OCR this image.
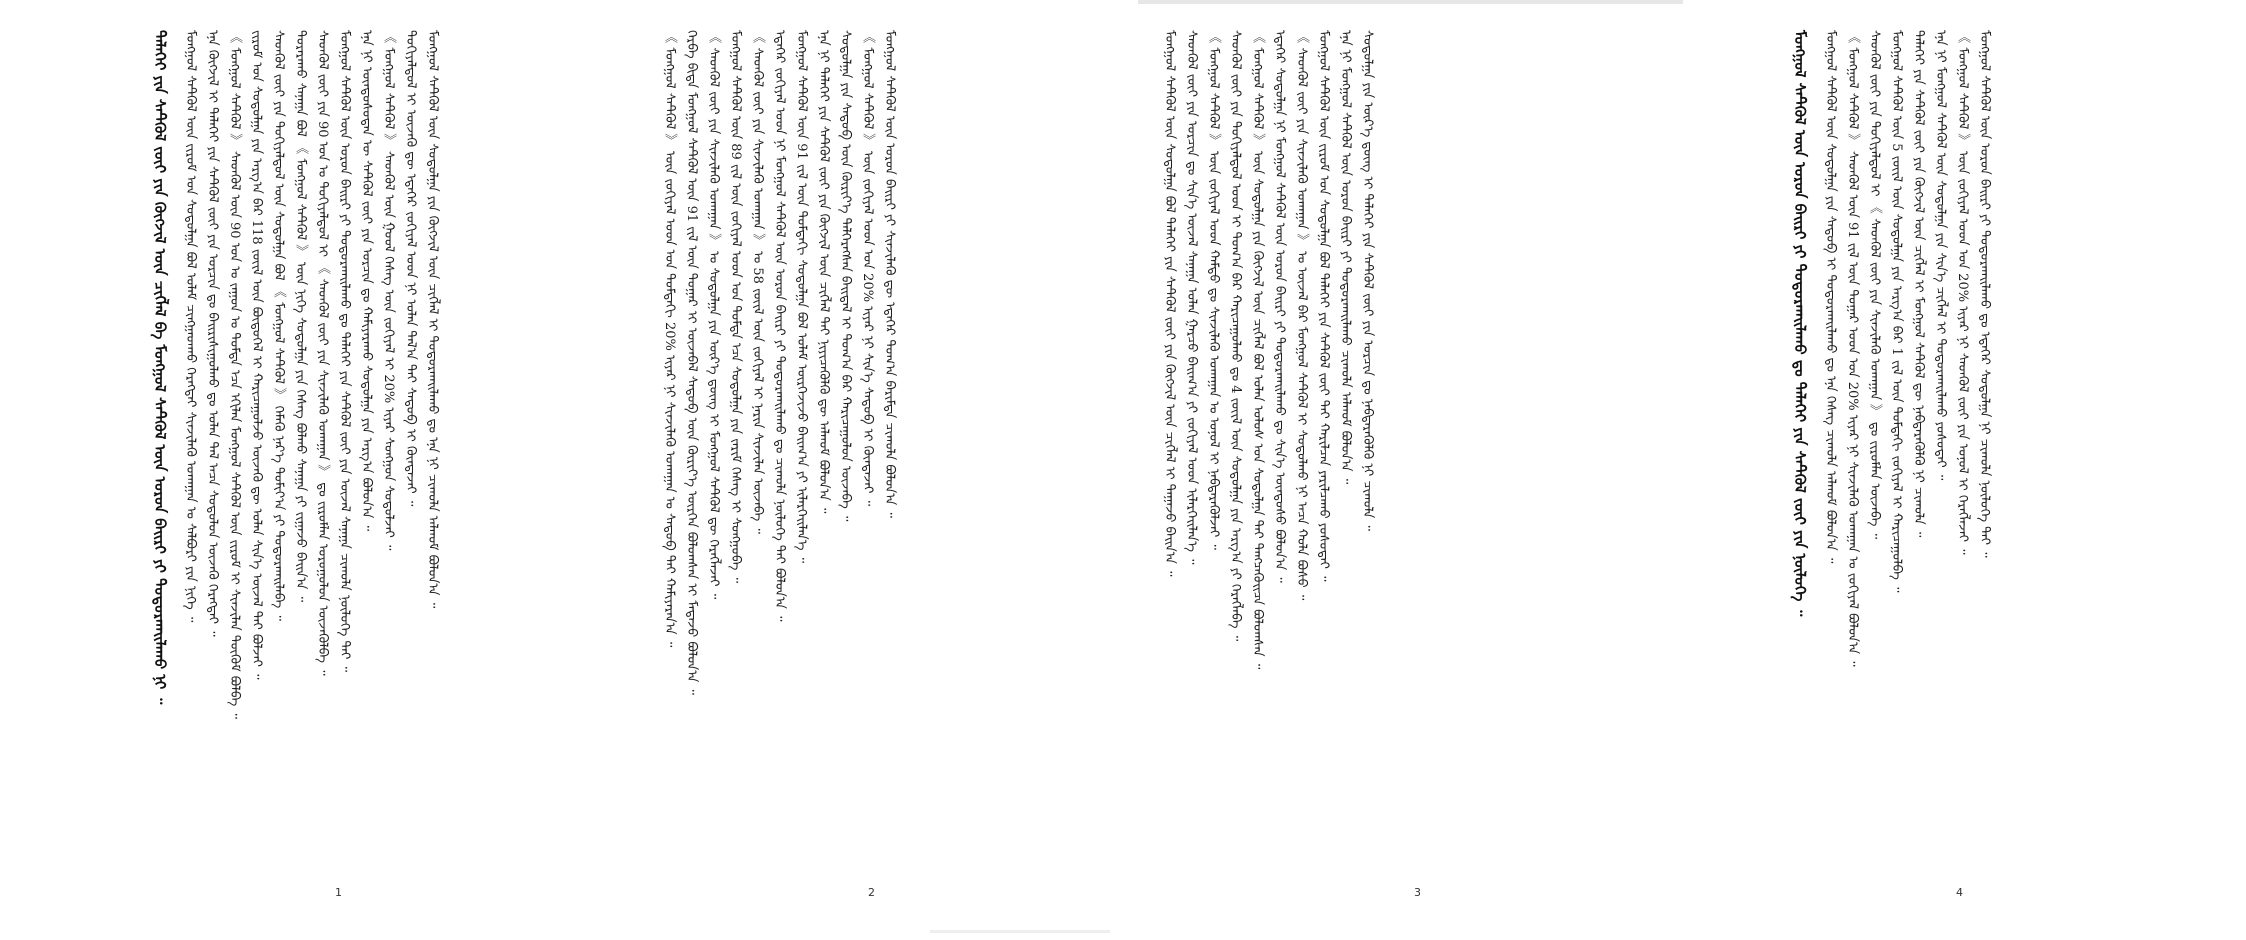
ᠳᠡᠯᠡᠬᠡᠢ ᠶᠢᠨ ᠰᠡᠲᠭᠦᠯ ᠵᠦᠢ ᠶᠢᠨ ᠬᠥᠭᠵᠢᠯ ᠦᠨ ᠴᠢᠭᠯᠡᠯ ᠪᠠ ᠮᠣᠩᠭᠣᠯ ᠰᠡᠲᠭᠦᠯ ᠦᠨ ᠣᠷᠣᠨ ᠪᠠᠢᠷᠢ ᠶᠢ ᠲᠣᠳᠣᠷᠬᠠᠢᠯᠠᠬᠤ ᠨᠢ ᠃ ᠮᠣᠩᠭᠣᠯ ᠰᠡᠲᠭᠦᠯ ᠦᠨ ᠵᠢᠷᠤᠮ ᠤᠨ ᠰᠤᠳᠤᠯᠭᠠ ᠪᠣᠯ ᠤᠯᠠᠮ ᠴᠢᠩᠭᠠᠳᠬᠤ ᠬᠡᠷᠡᠭᠲᠡᠢ ᠰᠢᠨᠵᠢᠯᠡᠬᠦ ᠤᠬᠠᠭᠠᠨ ᠤ ᠰᠠᠯᠪᠤᠷᠢ ᠶᠢᠨ ᠨᠢᠭᠡ ᠃ ᠡᠨᠡ ᠬᠥᠭᠵᠢᠯ ᠢ ᠳᠡᠯᠡᠬᠡᠢ ᠶᠢᠨ ᠰᠡᠲᠭᠦᠯ ᠵᠦᠢ ᠶᠢᠨ ᠣᠷᠴᠢᠨ ᠳᠤ ᠪᠠᠢᠷᠢᠰᠢᠭᠤᠯᠬᠤ ᠳᠤ ᠣᠯᠠᠨ ᠲᠠᠯ ᠠᠴᠠ ᠰᠤᠳᠤᠯᠤᠨ ᠦᠵᠡᠬᠦ ᠬᠡᠷᠡᠭᠲᠡᠢ ᠃ 《 ᠮᠣᠩᠭᠣᠯ ᠰᠡᠲᠭᠦᠯ 》 ᠰᠡᠳᠭᠦᠯ ᠦᠨ 90 ᠣᠨ ᠤ ᠵᠠᠭᠤᠨ ᠤ ᠳᠤᠮᠳᠠ ᠡᠴᠡ ᠡᠬᠢᠯᠡᠨ ᠮᠣᠩᠭᠣᠯ ᠰᠡᠲᠭᠦᠯ ᠦᠨ ᠵᠢᠷᠤᠮ ᠢ ᠰᠢᠨᠵᠢᠯᠡᠨ ᠳᠦᠭᠦᠮ ᠪᠣᠯᠪᠠ ᠃ ᠵᠢᠷᠤᠮ ᠤᠨ ᠰᠤᠳᠤᠯᠭᠠ ᠶᠢᠨ ᠠᠷᠭ᠎ᠠ ᠪᠠᠷ 118 ᠵᠦᠢᠯ ᠦᠨ ᠪᠦᠲᠦᠭᠡᠯ ᠢ ᠬᠠᠷᠢᠴᠠᠭᠤᠯᠵᠤ ᠦᠵᠡᠬᠦ ᠳᠦ ᠣᠯᠠᠨ ᠰᠢᠨ᠎ᠡ ᠦᠵᠡᠯ ᠲᠡᠢ ᠪᠣᠯᠵᠠᠢ ᠃ ᠰᠡᠳᠬᠦᠯ ᠵᠦᠢ ᠶᠢᠨ ᠲᠣᠬᠢᠶᠠᠯᠳᠤᠯ ᠦᠨ ᠰᠤᠳᠤᠯᠭᠠ ᠪᠣᠯ 《 ᠮᠣᠩᠭᠣᠯ ᠰᠡᠲᠭᠦᠯ 》 ᠬᠡᠮᠡᠬᠦ ᠨᠡᠷ᠎ᠡ ᠲᠣᠮᠢᠶ᠎ᠠ ᠶᠢ ᠲᠣᠳᠣᠷᠬᠠᠢᠯᠠᠪᠠ ᠃ ᠳᠤᠷᠠᠷᠠᠬᠤ ᠰᠠᠨᠠᠭᠠ ᠪᠣᠯ 《 ᠮᠣᠩᠭᠣᠯ ᠰᠡᠲᠭᠦᠯ 》 ᠦᠨ ᠨᠢᠭᠡ ᠰᠤᠳᠤᠯᠭᠠ ᠶᠢᠨ ᠬᠡᠰᠡᠭ ᠪᠣᠯᠬᠤ ᠰᠠᠨᠠᠭᠠ ᠶᠢ ᠵᠢᠭᠠᠵᠤ ᠪᠠᠢᠨ᠎ᠠ ᠃ ᠰᠡᠳᠬᠦᠯ ᠵᠦᠢ ᠶᠢᠨ 90 ᠣᠨ ᠤ ᠲᠣᠬᠢᠶᠠᠯᠳᠤᠯ ᠢ 《 ᠰᠡᠳᠬᠦᠯ ᠵᠦᠢ ᠶᠢᠨ ᠰᠢᠨᠵᠢᠯᠡᠬᠦ ᠤᠬᠠᠭᠠᠨ 》 ᠳᠤ ᠵᠢᠷᠤᠮᠯᠠᠨ ᠣᠷᠣᠭᠤᠯᠤᠨ ᠦᠵᠡᠭᠦᠯᠪᠡ ᠃ ᠮᠣᠩᠭᠣᠯ ᠰᠡᠲᠭᠦᠯ ᠦᠨ ᠣᠷᠣᠨ ᠪᠠᠢᠷᠢ ᠶᠢ ᠲᠣᠳᠣᠷᠬᠠᠢᠯᠠᠬᠤ ᠳᠤ ᠳᠡᠯᠡᠬᠡᠢ ᠶᠢᠨ ᠰᠡᠲᠭᠦᠯ ᠵᠦᠢ ᠶᠢᠨ ᠦᠵᠡᠯ ᠰᠠᠨᠠᠭᠠ ᠴᠢᠬᠤᠯᠠ ᠨᠥᠯᠦᠭᠡ ᠲᠡᠢ ᠃ ᠡᠨᠡ ᠨᠢ ᠦᠨᠳᠦᠰᠦᠲᠡᠨ ᠦ ᠰᠡᠲᠭᠦᠯ ᠵᠦᠢ ᠶᠢᠨ ᠣᠷᠴᠢᠨ ᠳᠤ ᠬᠠᠮᠢᠶᠠᠷᠠᠬᠤ ᠰᠤᠳᠤᠯᠭᠠ ᠶᠢᠨ ᠠᠷᠭ᠎ᠠ ᠪᠣᠯᠤᠨ᠎ᠠ ᠃ 《 ᠮᠣᠩᠭᠣᠯ ᠰᠡᠲᠭᠦᠯ 》 ᠰᠡᠳᠭᠦᠯ ᠦᠨ ᠭᠣᠣᠯ ᠬᠡᠰᠡᠭ ᠦᠨ ᠵᠣᠬᠢᠶᠠᠯ ᠢ 20% ᠢᠶᠠᠷ ᠰᠣᠩᠭᠣᠨ ᠰᠤᠳᠤᠯᠵᠠᠢ ᠃ ᠲᠣᠬᠢᠶᠠᠯᠳᠤᠯ ᠢ ᠦᠵᠡᠬᠦ ᠳᠦ ᠡᠳᠡᠭᠡᠷ ᠵᠣᠬᠢᠶᠠᠯ ᠤᠳ ᠨᠢ ᠣᠯᠠᠨ ᠲᠠᠯ᠎ᠠ ᠲᠠᠢ ᠰᠡᠳᠦᠪ ᠢ ᠬᠥᠨᠳᠡᠵᠡᠢ ᠃ ᠮᠣᠩᠭᠣᠯ ᠰᠡᠲᠭᠦᠯ ᠦᠨ ᠰᠤᠳᠤᠯᠭᠠ ᠶᠢᠨ ᠬᠥᠭᠵᠢᠯ ᠦᠨ ᠴᠢᠭᠯᠡᠯ ᠢ ᠲᠣᠳᠣᠷᠬᠠᠢᠯᠠᠬᠤ ᠳᠤ ᠡᠨᠡ ᠨᠢ ᠴᠢᠬᠤᠯᠠ ᠠᠯᠬᠤᠮ ᠪᠣᠯᠤᠨ᠎ᠠ ᠃
1
《 ᠮᠣᠩᠭᠣᠯ ᠰᠡᠲᠭᠦᠯ 》 ᠦᠨ ᠵᠣᠬᠢᠶᠠᠯ ᠤᠳ ᠤᠨ ᠳᠤᠮᠳᠠᠬᠢ 20% ᠢᠶᠠᠷ ᠨᠢ ᠰᠢᠨᠵᠢᠯᠡᠬᠦ ᠤᠬᠠᠭᠠᠨ ᠤ ᠰᠡᠳᠦᠪ ᠲᠠᠢ ᠬᠠᠮᠢᠶᠠᠷᠠᠨ᠎ᠠ ᠃ ᠬᠡᠷᠪᠡ ᠪᠢᠳᠡ ᠮᠣᠩᠭᠣᠯ ᠰᠡᠲᠭᠦᠯ ᠦᠨ 91 ᠵᠢᠯ ᠦᠨ ᠳᠤᠭᠠᠷ ᠢ ᠦᠵᠡᠪᠡᠯ ᠰᠡᠳᠦᠪ ᠦᠨ ᠬᠦᠷᠢᠶ᠎ᠡ ᠥᠷᠭᠡᠨ ᠪᠣᠯᠤᠭᠰᠠᠨ ᠢ ᠮᠡᠳᠡᠵᠦ ᠪᠣᠯᠤᠨ᠎ᠠ ᠃ 《 ᠰᠡᠳᠬᠦᠯ ᠵᠦᠢ ᠶᠢᠨ ᠰᠢᠨᠵᠢᠯᠡᠬᠦ ᠤᠬᠠᠭᠠᠨ 》 ᠤ ᠰᠤᠳᠤᠯᠭᠠ ᠶᠢᠨ ᠦᠷ᠎ᠡ ᠳ᠋ᠦᠩ ᠢ ᠮᠣᠩᠭᠣᠯ ᠰᠡᠲᠭᠦᠯ ᠳᠦ ᠬᠡᠷᠡᠭᠯᠡᠵᠡᠢ ᠃ ᠮᠣᠩᠭᠣᠯ ᠰᠡᠲᠭᠦᠯ ᠦᠨ 89 ᠵᠢᠯ ᠦᠨ ᠵᠣᠬᠢᠶᠠᠯ ᠤᠳ ᠤᠨ ᠳᠤᠮᠳᠠ ᠡᠴᠡ ᠰᠤᠳᠤᠯᠭᠠ ᠶᠢᠨ ᠵᠠᠷᠢᠮ ᠬᠡᠰᠡᠭ ᠢ ᠰᠣᠩᠭᠣᠪᠠ ᠃ 《 ᠰᠡᠳᠬᠦᠯ ᠵᠦᠢ ᠶᠢᠨ ᠰᠢᠨᠵᠢᠯᠡᠬᠦ ᠤᠬᠠᠭᠠᠨ 》 ᠤ 58 ᠵᠦᠢᠯ ᠦᠨ ᠵᠣᠬᠢᠶᠠᠯ ᠢ ᠨᠠᠷᠢᠨ ᠰᠢᠨᠵᠢᠯᠡᠨ ᠦᠵᠡᠪᠡ ᠃ ᠡᠳᠡᠭᠡᠷ ᠵᠣᠬᠢᠶᠠᠯ ᠤᠳ ᠨᠢ ᠮᠣᠩᠭᠣᠯ ᠰᠡᠲᠭᠦᠯ ᠦᠨ ᠣᠷᠣᠨ ᠪᠠᠢᠷᠢ ᠶᠢ ᠲᠣᠳᠣᠷᠬᠠᠢᠯᠠᠬᠤ ᠳᠤ ᠴᠢᠬᠤᠯᠠ ᠨᠥᠯᠦᠭᠡ ᠲᠡᠢ ᠪᠣᠯᠤᠨ᠎ᠠ ᠃ ᠮᠣᠩᠭᠣᠯ ᠰᠡᠲᠭᠦᠯ ᠦᠨ 91 ᠵᠢᠯ ᠦᠨ ᠳᠤᠮᠳᠠᠬᠢ ᠰᠤᠳᠤᠯᠭᠠ ᠪᠣᠯ ᠤᠯᠠᠮ ᠥᠷᠭᠡᠵᠢᠵᠦ ᠪᠠᠢᠭ᠎ᠠ ᠶᠢ ᠢᠯᠡᠷᠬᠡᠢᠯᠡᠨ᠎ᠡ ᠃ ᠡᠨᠡ ᠨᠢ ᠳᠡᠯᠡᠬᠡᠢ ᠶᠢᠨ ᠰᠡᠲᠭᠦᠯ ᠵᠦᠢ ᠶᠢᠨ ᠬᠥᠭᠵᠢᠯ ᠦᠨ ᠴᠢᠭᠯᠡᠯ ᠲᠡᠢ ᠨᠢᠶᠢᠴᠡᠭᠦᠯᠬᠦ ᠳᠦ ᠠᠯᠬᠤᠮ ᠪᠣᠯᠤᠨ᠎ᠠ ᠃ ᠰᠤᠳᠤᠯᠭᠠ ᠶᠢᠨ ᠰᠡᠳᠦᠪ ᠦᠨ ᠬᠦᠷᠢᠶ᠎ᠡ ᠳᠡᠯᠭᠡᠷᠡᠭᠰᠡᠨ ᠪᠠᠢᠳᠠᠯ ᠢ ᠲᠣᠭ᠎ᠠ ᠪᠠᠷ ᠬᠠᠷᠢᠴᠠᠭᠤᠯᠤᠨ ᠦᠵᠡᠪᠡ ᠃ 《 ᠮᠣᠩᠭᠣᠯ ᠰᠡᠲᠭᠦᠯ 》 ᠦᠨ ᠵᠣᠬᠢᠶᠠᠯ ᠤᠳ ᠤᠨ 20% ᠢᠶᠠᠷ ᠨᠢ ᠰᠢᠨ᠎ᠡ ᠰᠡᠳᠦᠪ ᠢ ᠬᠥᠨᠳᠡᠵᠡᠢ ᠃ ᠮᠣᠩᠭᠣᠯ ᠰᠡᠲᠭᠦᠯ ᠦᠨ ᠣᠷᠣᠨ ᠪᠠᠢᠷᠢ ᠶᠢ ᠰᠢᠨᠵᠢᠯᠡᠬᠦ ᠳᠦ ᠡᠳᠡᠭᠡᠷ ᠲᠣᠭ᠎ᠠ ᠪᠠᠷᠢᠮᠲᠠ ᠴᠢᠬᠤᠯᠠ ᠪᠣᠯᠤᠨ᠎ᠠ ᠃
2
ᠮᠣᠩᠭᠣᠯ ᠰᠡᠲᠭᠦᠯ ᠦᠨ ᠰᠤᠳᠤᠯᠭᠠ ᠪᠣᠯ ᠳᠡᠯᠡᠬᠡᠢ ᠶᠢᠨ ᠰᠡᠲᠭᠦᠯ ᠵᠦᠢ ᠶᠢᠨ ᠬᠥᠭᠵᠢᠯ ᠦᠨ ᠴᠢᠭᠯᠡᠯ ᠢ ᠳᠠᠭᠠᠵᠤ ᠪᠠᠢᠨ᠎ᠠ ᠃ ᠰᠡᠳᠬᠦᠯ ᠵᠦᠢ ᠶᠢᠨ ᠣᠷᠴᠢᠨ ᠳᠤ ᠰᠢᠨ᠎ᠡ ᠦᠵᠡᠯ ᠰᠠᠨᠠᠭᠠ ᠣᠯᠠᠨ ᠭᠠᠷᠴᠤ ᠪᠠᠢᠭ᠎ᠠ ᠶᠢ ᠵᠣᠬᠢᠶᠠᠯ ᠤᠳ ᠢᠯᠡᠷᠬᠡᠢᠯᠡᠨ᠎ᠡ ᠃ 《 ᠮᠣᠩᠭᠣᠯ ᠰᠡᠲᠭᠦᠯ 》 ᠦᠨ ᠵᠣᠬᠢᠶᠠᠯ ᠤᠳ ᠬᠠᠮᠲᠤ ᠳᠤ ᠰᠢᠨᠵᠢᠯᠡᠬᠦ ᠤᠬᠠᠭᠠᠨ ᠤ ᠣᠨᠣᠯ ᠢ ᠨᠡᠪᠲᠡᠷᠡᠭᠦᠯᠵᠡᠢ ᠃ ᠰᠡᠳᠬᠦᠯ ᠵᠦᠢ ᠶᠢᠨ ᠲᠣᠬᠢᠶᠠᠯᠳᠤᠯ ᠤᠳ ᠢ ᠲᠣᠭ᠎ᠠ ᠪᠠᠷ ᠬᠠᠷᠢᠴᠠᠭᠤᠯᠬᠤ ᠳᠤ 4 ᠵᠦᠢᠯ ᠦᠨ ᠰᠤᠳᠤᠯᠭᠠ ᠶᠢᠨ ᠠᠷᠭ᠎ᠠ ᠶᠢ ᠬᠡᠷᠡᠭᠯᠡᠪᠡ ᠃ 《 ᠮᠣᠩᠭᠣᠯ ᠰᠡᠲᠭᠦᠯ 》 ᠦᠨ ᠰᠤᠳᠤᠯᠭᠠ ᠶᠢᠨ ᠬᠥᠭᠵᠢᠯ ᠦᠨ ᠴᠢᠭᠯᠡᠯ ᠪᠣᠯ ᠣᠯᠠᠨ ᠤᠯᠤᠰ ᠤᠨ ᠰᠤᠳᠤᠯᠭᠠ ᠲᠠᠢ ᠲᠡᠩᠴᠡᠬᠦᠢᠴᠡ ᠪᠣᠯᠤᠭᠰᠠᠨ ᠃ ᠡᠳᠡᠭᠡᠷ ᠰᠤᠳᠤᠯᠭᠠ ᠨᠢ ᠮᠣᠩᠭᠣᠯ ᠰᠡᠲᠭᠦᠯ ᠦᠨ ᠣᠷᠣᠨ ᠪᠠᠢᠷᠢ ᠶᠢ ᠲᠣᠳᠣᠷᠬᠠᠢᠯᠠᠬᠤ ᠳᠤ ᠰᠢᠨ᠎ᠡ ᠦᠨᠳᠦᠰᠦ ᠪᠣᠯᠤᠨ᠎ᠠ ᠃ 《 ᠰᠡᠳᠬᠦᠯ ᠵᠦᠢ ᠶᠢᠨ ᠰᠢᠨᠵᠢᠯᠡᠬᠦ ᠤᠬᠠᠭᠠᠨ 》 ᠤ ᠦᠵᠡᠯ ᠪᠠᠷ ᠮᠣᠩᠭᠣᠯ ᠰᠡᠲᠭᠦᠯ ᠢ ᠰᠤᠳᠤᠯᠬᠤ ᠨᠢ ᠠᠴᠠ ᠬᠣᠯᠠ ᠪᠤᠰᠤ ᠃ ᠮᠣᠩᠭᠣᠯ ᠰᠡᠲᠭᠦᠯ ᠦᠨ ᠵᠢᠷᠤᠮ ᠤᠨ ᠰᠤᠳᠤᠯᠭᠠ ᠪᠣᠯ ᠳᠡᠯᠡᠬᠡᠢ ᠶᠢᠨ ᠰᠡᠲᠭᠦᠯ ᠵᠦᠢ ᠲᠡᠢ ᠬᠠᠷᠢᠯᠴᠠᠨ ᠶᠠᠷᠢᠯᠴᠠᠬᠤ ᠶᠣᠰᠣᠲᠠᠢ ᠃ ᠡᠨᠡ ᠨᠢ ᠮᠣᠩᠭᠣᠯ ᠰᠡᠲᠭᠦᠯ ᠦᠨ ᠣᠷᠣᠨ ᠪᠠᠢᠷᠢ ᠶᠢ ᠲᠣᠳᠣᠷᠬᠠᠢᠯᠠᠬᠤ ᠴᠢᠬᠤᠯᠠ ᠠᠯᠬᠤᠮ ᠪᠣᠯᠤᠨ᠎ᠠ ᠃ ᠰᠤᠳᠤᠯᠭᠠ ᠶᠢᠨ ᠦᠷ᠎ᠡ ᠳ᠋ᠦᠩ ᠢ ᠳᠡᠯᠡᠬᠡᠢ ᠶᠢᠨ ᠰᠡᠲᠭᠦᠯ ᠵᠦᠢ ᠶᠢᠨ ᠣᠷᠴᠢᠨ ᠳᠤ ᠨᠡᠪᠲᠡᠷᠡᠭᠦᠯᠬᠦ ᠨᠢ ᠴᠢᠬᠤᠯᠠ ᠃
3
ᠮᠣᠩᠭᠣᠯ ᠰᠡᠲᠭᠦᠯ ᠦᠨ ᠣᠷᠣᠨ ᠪᠠᠢᠷᠢ ᠶᠢ ᠲᠣᠳᠣᠷᠬᠠᠢᠯᠠᠬᠤ ᠳᠤ ᠳᠡᠯᠡᠬᠡᠢ ᠶᠢᠨ ᠰᠡᠲᠭᠦᠯ ᠵᠦᠢ ᠶᠢᠨ ᠨᠥᠯᠦᠭᠡ ᠃ ᠮᠣᠩᠭᠣᠯ ᠰᠡᠲᠭᠦᠯ ᠦᠨ ᠰᠤᠳᠤᠯᠭᠠ ᠶᠢᠨ ᠰᠡᠳᠦᠪ ᠢ ᠲᠣᠳᠣᠷᠬᠠᠢᠯᠠᠬᠤ ᠳᠤ ᠡᠨᠡ ᠬᠡᠰᠡᠭ ᠴᠢᠬᠤᠯᠠ ᠠᠯᠬᠤᠮ ᠪᠣᠯᠤᠨ᠎ᠠ ᠃ 《 ᠮᠣᠩᠭᠣᠯ ᠰᠡᠲᠭᠦᠯ 》 ᠰᠡᠳᠭᠦᠯ ᠦᠨ 91 ᠵᠢᠯ ᠦᠨ ᠳᠤᠭᠠᠷ ᠤᠳ ᠤᠨ 20% ᠢᠶᠠᠷ ᠨᠢ ᠰᠢᠨᠵᠢᠯᠡᠬᠦ ᠤᠬᠠᠭᠠᠨ ᠤ ᠵᠣᠬᠢᠶᠠᠯ ᠪᠣᠯᠤᠨ᠎ᠠ ᠃ ᠰᠡᠳᠬᠦᠯ ᠵᠦᠢ ᠶᠢᠨ ᠲᠣᠬᠢᠶᠠᠯᠳᠤᠯ ᠢ 《 ᠰᠡᠳᠬᠦᠯ ᠵᠦᠢ ᠶᠢᠨ ᠰᠢᠨᠵᠢᠯᠡᠬᠦ ᠤᠬᠠᠭᠠᠨ 》 ᠳᠤ ᠵᠢᠷᠤᠮᠯᠠᠨ ᠦᠵᠡᠪᠡ ᠃ ᠮᠣᠩᠭᠣᠯ ᠰᠡᠲᠭᠦᠯ ᠦᠨ 5 ᠵᠦᠢᠯ ᠦᠨ ᠰᠤᠳᠤᠯᠭᠠ ᠶᠢᠨ ᠠᠷᠭ᠎ᠠ ᠪᠠᠷ 1 ᠵᠢᠯ ᠦᠨ ᠳᠤᠮᠳᠠᠬᠢ ᠵᠣᠬᠢᠶᠠᠯ ᠢ ᠬᠠᠷᠢᠴᠠᠭᠤᠯᠪᠠ ᠃ ᠳᠡᠯᠡᠬᠡᠢ ᠶᠢᠨ ᠰᠡᠲᠭᠦᠯ ᠵᠦᠢ ᠶᠢᠨ ᠬᠥᠭᠵᠢᠯ ᠦᠨ ᠴᠢᠭᠯᠡᠯ ᠢ ᠮᠣᠩᠭᠣᠯ ᠰᠡᠲᠭᠦᠯ ᠳᠦ ᠨᠡᠪᠲᠡᠷᠡᠭᠦᠯᠬᠦ ᠨᠢ ᠴᠢᠬᠤᠯᠠ ᠃ ᠡᠨᠡ ᠨᠢ ᠮᠣᠩᠭᠣᠯ ᠰᠡᠲᠭᠦᠯ ᠦᠨ ᠰᠤᠳᠤᠯᠭᠠ ᠶᠢᠨ ᠰᠢᠨ᠎ᠡ ᠴᠢᠭᠯᠡᠯ ᠢ ᠲᠣᠳᠣᠷᠬᠠᠢᠯᠠᠬᠤ ᠶᠣᠰᠣᠲᠠᠢ ᠃ 《 ᠮᠣᠩᠭᠣᠯ ᠰᠡᠲᠭᠦᠯ 》 ᠦᠨ ᠵᠣᠬᠢᠶᠠᠯ ᠤᠳ ᠤᠨ 20% ᠢᠶᠠᠷ ᠨᠢ ᠰᠡᠳᠬᠦᠯ ᠵᠦᠢ ᠶᠢᠨ ᠣᠨᠣᠯ ᠢ ᠬᠡᠷᠡᠭᠯᠡᠵᠡᠢ ᠃ ᠮᠣᠩᠭᠣᠯ ᠰᠡᠲᠭᠦᠯ ᠦᠨ ᠣᠷᠣᠨ ᠪᠠᠢᠷᠢ ᠶᠢ ᠲᠣᠳᠣᠷᠬᠠᠢᠯᠠᠬᠤ ᠳᠤ ᠡᠳᠡᠭᠡᠷ ᠰᠤᠳᠤᠯᠭᠠ ᠨᠢ ᠴᠢᠬᠤᠯᠠ ᠨᠥᠯᠦᠭᠡ ᠲᠡᠢ ᠃
4
